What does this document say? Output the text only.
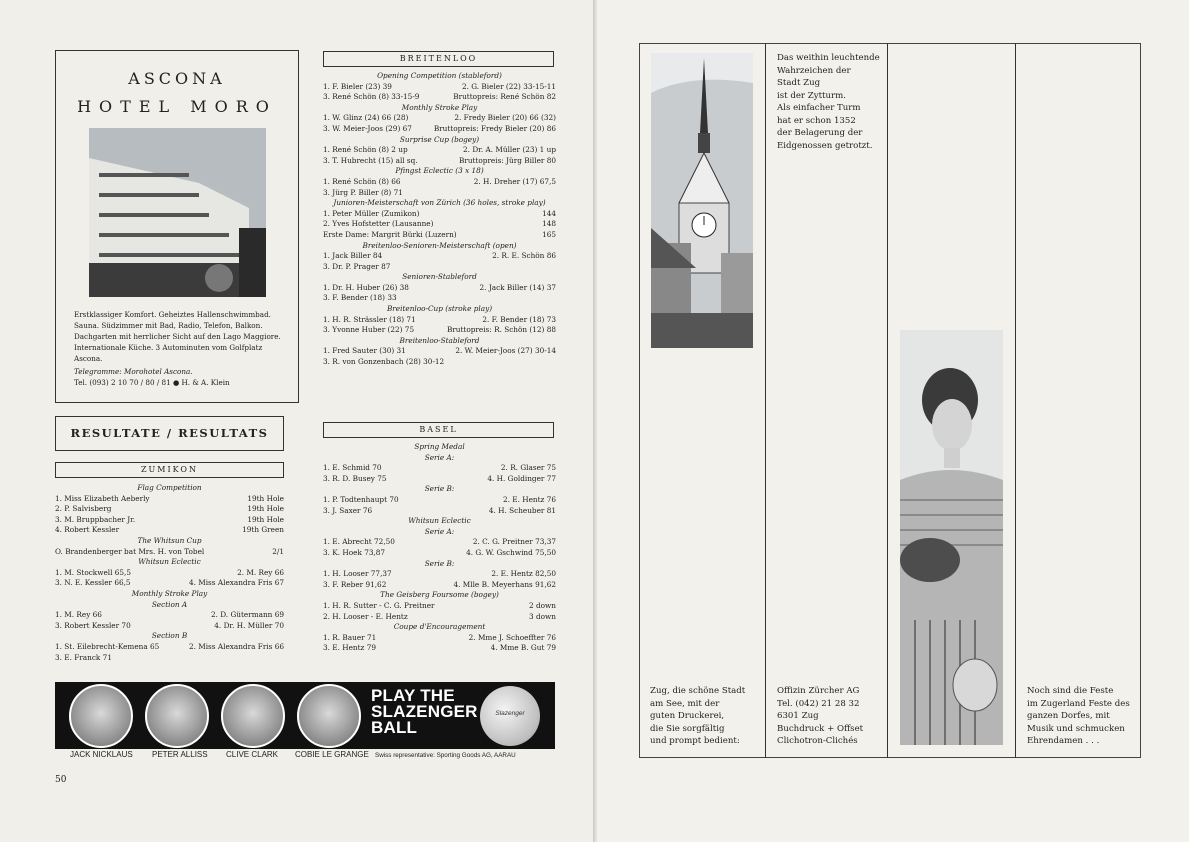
ASCONA
HOTEL MORO
Erstklassiger Komfort. Geheiztes Hallenschwimmbad. Sauna. Südzimmer mit Bad, Radio, Telefon, Balkon. Dachgarten mit herrlicher Sicht auf den Lago Maggiore. Internationale Küche. 3 Autominuten vom Golfplatz Ascona.
Telegramme: Morohotel Ascona.
Tel. (093) 2 10 70 / 80 / 81 ● H. & A. Klein
RESULTATE / RESULTATS
ZUMIKON
Flag Competition
1. Miss Elizabeth Aeberly	19th Hole
2. P. Salvisberg	19th Hole
3. M. Bruppbacher Jr.	19th Hole
4. Robert Kessler	19th Green
The Whitsun Cup
O. Brandenberger bat Mrs. H. von Tobel	2/1
Whitsun Eclectic
1. M. Stockwell 65,5	2. M. Rey 66
3. N. E. Kessler 66,5	4. Miss Alexandra Fris 67
Monthly Stroke Play
Section A
1. M. Rey 66	2. D. Gütermann 69
3. Robert Kessler 70	4. Dr. H. Müller 70
Section B
1. St. Eilebrecht-Kemena 65	2. Miss Alexandra Fris 66
3. E. Franck 71
BREITENLOO
Opening Competition (stableford)
1. F. Bieler (23) 39	2. G. Bieler (22) 33-15-11
3. René Schön (8) 33-15-9	Bruttopreis: René Schön 82
Monthly Stroke Play
1. W. Glinz (24) 66 (28)	2. Fredy Bieler (20) 66 (32)
3. W. Meier-Joos (29) 67	Bruttopreis: Fredy Bieler (20) 86
Surprise Cup (bogey)
1. René Schön (8) 2 up	2. Dr. A. Müller (23) 1 up
3. T. Hubrecht (15) all sq.	Bruttopreis: Jürg Biller 80
Pfingst Eclectic (3 x 18)
1. René Schön (8) 66	2. H. Dreher (17) 67,5
3. Jürg P. Biller (8) 71
Junioren-Meisterschaft von Zürich (36 holes, stroke play)
1. Peter Müller (Zumikon)	144
2. Yves Hofstetter (Lausanne)	148
Erste Dame: Margrit Bürki (Luzern)	165
Breitenloo-Senioren-Meisterschaft (open)
1. Jack Biller 84	2. R. E. Schön 86
3. Dr. P. Prager 87
Senioren-Stableford
1. Dr. H. Huber (26) 38	2. Jack Biller (14) 37
3. F. Bender (18) 33
Breitenloo-Cup (stroke play)
1. H. R. Strässler (18) 71	2. F. Bender (18) 73
3. Yvonne Huber (22) 75	Bruttopreis: R. Schön (12) 88
Breitenloo-Stableford
1. Fred Sauter (30) 31	2. W. Meier-Joos (27) 30-14
3. R. von Gonzenbach (28) 30-12
BASEL
Spring Medal
Serie A:
1. E. Schmid 70	2. R. Glaser 75
3. R. D. Busey 75	4. H. Goldinger 77
Serie B:
1. P. Todtenhaupt 70	2. E. Hentz 76
3. J. Saxer 76	4. H. Scheuber 81
Whitsun Eclectic
Serie A:
1. E. Abrecht 72,50	2. C. G. Preitner 73,37
3. K. Hoek 73,87	4. G. W. Gschwind 75,50
Serie B:
1. H. Looser 77,37	2. E. Hentz 82,50
3. F. Reber 91,62	4. Mlle B. Meyerhans 91,62
The Geisberg Foursome (bogey)
1. H. R. Sutter - C. G. Preitner	2 down
2. H. Looser - E. Hentz	3 down
Coupe d'Encouragement
1. R. Bauer 71	2. Mme J. Schoeffter 76
3. E. Hentz 79	4. Mme B. Gut 79
PLAY THE SLAZENGER BALL
Slazenger
JACK NICKLAUS PETER ALLISS CLIVE CLARK COBIE LE GRANGE Swiss representative: Sporting Goods AG, AARAU
50
Das weithin leuchtende
Wahrzeichen der
Stadt Zug
ist der Zytturm.
Als einfacher Turm
hat er schon 1352
der Belagerung der
Eidgenossen getrotzt.
Zug, die schöne Stadt
am See, mit der
guten Druckerei,
die Sie sorgfältig
und prompt bedient:
Offizin Zürcher AG
Tel. (042) 21 28 32
6301 Zug
Buchdruck + Offset
Clichotron-Clichés
Noch sind die Feste
im Zugerland Feste des
ganzen Dorfes, mit
Musik und schmucken
Ehrendamen . . .
